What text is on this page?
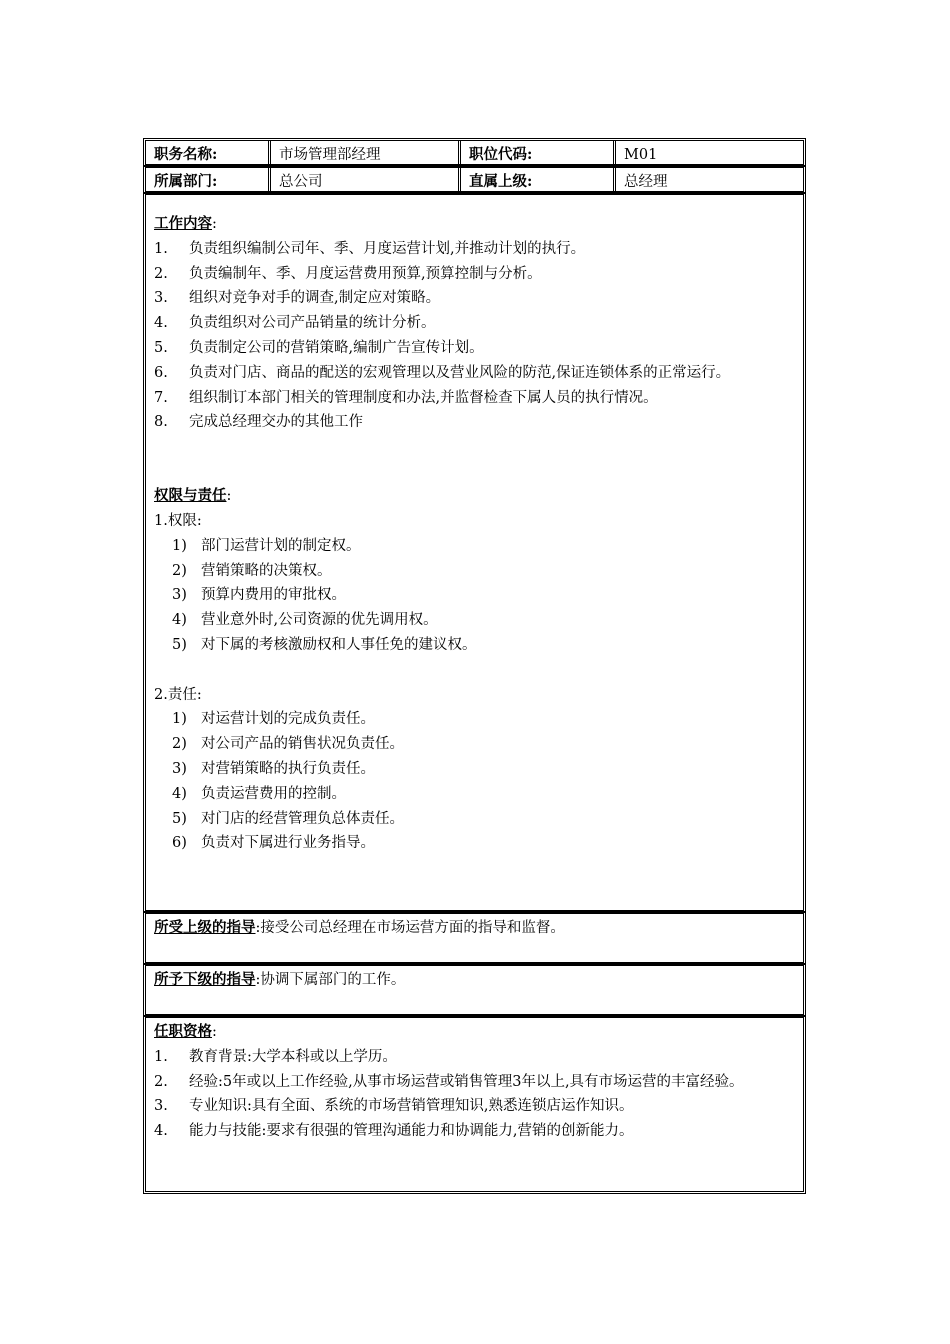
职务名称:	市场管理部经理	职位代码:	M01
所属部门:	总公司	直属上级:	总经理
工作内容:
1. 负责组织编制公司年、季、月度运营计划,并推动计划的执行。
2. 负责编制年、季、月度运营费用预算,预算控制与分析。
3. 组织对竞争对手的调查,制定应对策略。
4. 负责组织对公司产品销量的统计分析。
5. 负责制定公司的营销策略,编制广告宣传计划。
6. 负责对门店、商品的配送的宏观管理以及营业风险的防范,保证连锁体系的正常运行。
7. 组织制订本部门相关的管理制度和办法,并监督检查下属人员的执行情况。
8. 完成总经理交办的其他工作
权限与责任:
1.权限:
1) 部门运营计划的制定权。
2) 营销策略的决策权。
3) 预算内费用的审批权。
4) 营业意外时,公司资源的优先调用权。
5) 对下属的考核激励权和人事任免的建议权。
2.责任:
1) 对运营计划的完成负责任。
2) 对公司产品的销售状况负责任。
3) 对营销策略的执行负责任。
4) 负责运营费用的控制。
5) 对门店的经营管理负总体责任。
6) 负责对下属进行业务指导。
所受上级的指导:接受公司总经理在市场运营方面的指导和监督。
所予下级的指导:协调下属部门的工作。
任职资格:
1. 教育背景:大学本科或以上学历。
2. 经验:5年或以上工作经验,从事市场运营或销售管理3年以上,具有市场运营的丰富经验。
3. 专业知识:具有全面、系统的市场营销管理知识,熟悉连锁店运作知识。
4. 能力与技能:要求有很强的管理沟通能力和协调能力,营销的创新能力。
